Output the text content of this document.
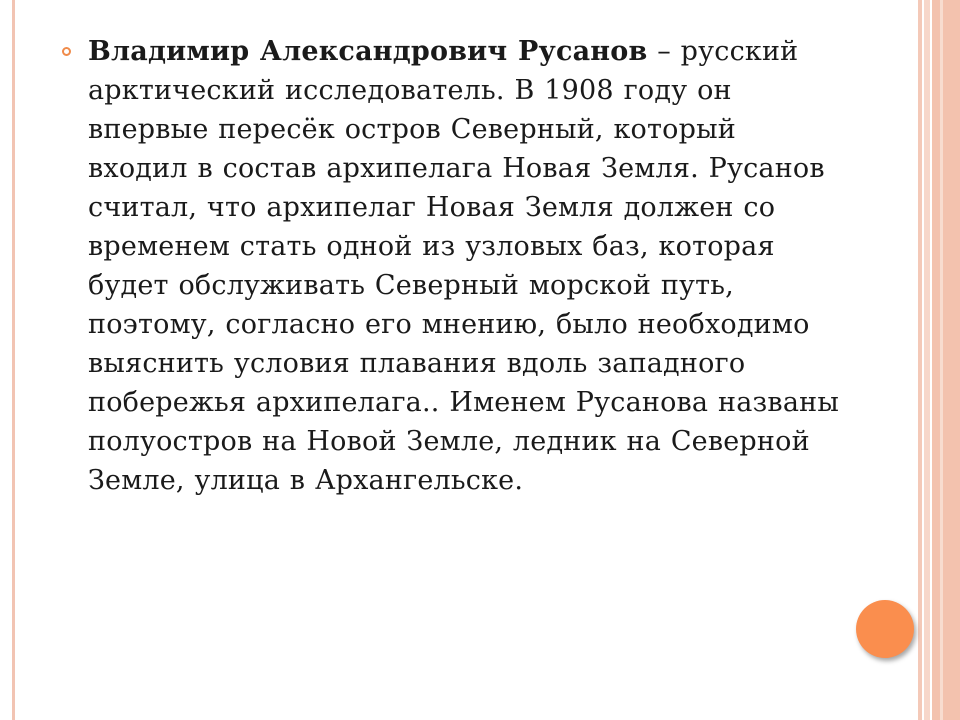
Владимир Александрович Русанов – русский арктический исследователь. В 1908 году он впервые пересёк остров Северный, который входил в состав архипелага Новая Земля. Русанов считал, что архипелаг Новая Земля должен со временем стать одной из узловых баз, которая будет обслуживать Северный морской путь, поэтому, согласно его мнению, было необходимо выяснить условия плавания вдоль западного побережья архипелага.. Именем Русанова названы полуостров на Новой Земле, ледник на Северной Земле, улица в Архангельске.
